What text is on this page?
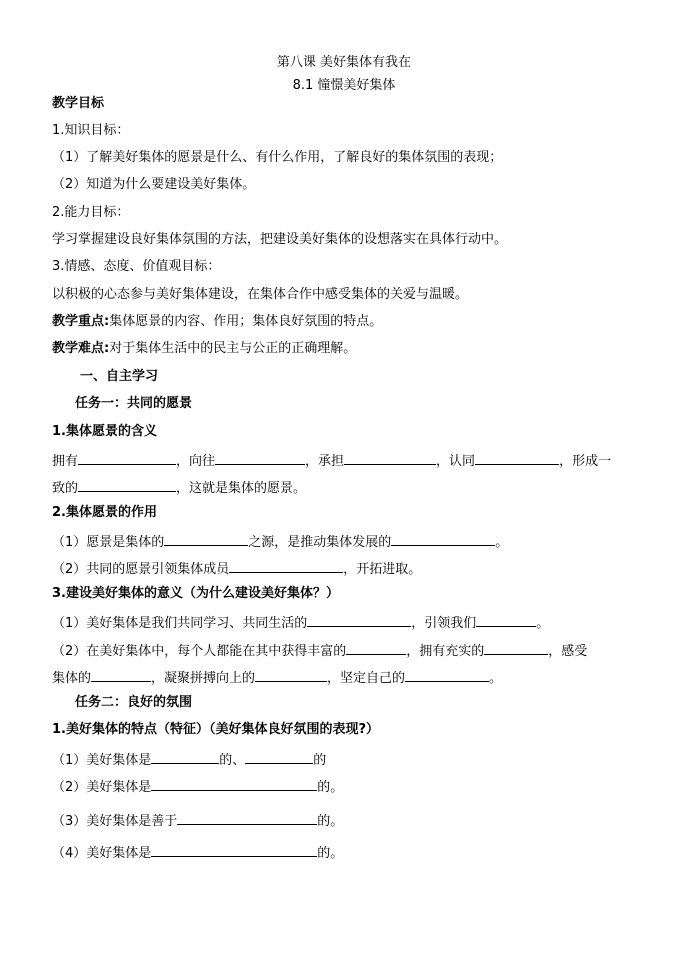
第八课 美好集体有我在
8.1 憧憬美好集体
教学目标
1.知识目标：
（1）了解美好集体的愿景是什么、有什么作用，了解良好的集体氛围的表现；
（2）知道为什么要建设美好集体。
2.能力目标：
学习掌握建设良好集体氛围的方法，把建设美好集体的设想落实在具体行动中。
3.情感、态度、价值观目标：
以积极的心态参与美好集体建设，在集体合作中感受集体的关爱与温暖。
教学重点:集体愿景的内容、作用；集体良好氛围的特点。
教学难点:对于集体生活中的民主与公正的正确理解。
一、自主学习
任务一：共同的愿景
1.集体愿景的含义
拥有	，向往	，承担	，认同	，形成一
致的	，这就是集体的愿景。
2.集体愿景的作用
（1）愿景是集体的	之源，是推动集体发展的	。
（2）共同的愿景引领集体成员	，开拓进取。
3.建设美好集体的意义（为什么建设美好集体？）
（1）美好集体是我们共同学习、共同生活的	，引领我们	。
（2）在美好集体中，每个人都能在其中获得丰富的	，拥有充实的	，感受
集体的	，凝聚拼搏向上的	，坚定自己的	。
任务二：良好的氛围
1.美好集体的特点（特征）（美好集体良好氛围的表现?）
（1）美好集体是	的、	的
（2）美好集体是	的。
（3）美好集体是善于	的。
（4）美好集体是	的。
